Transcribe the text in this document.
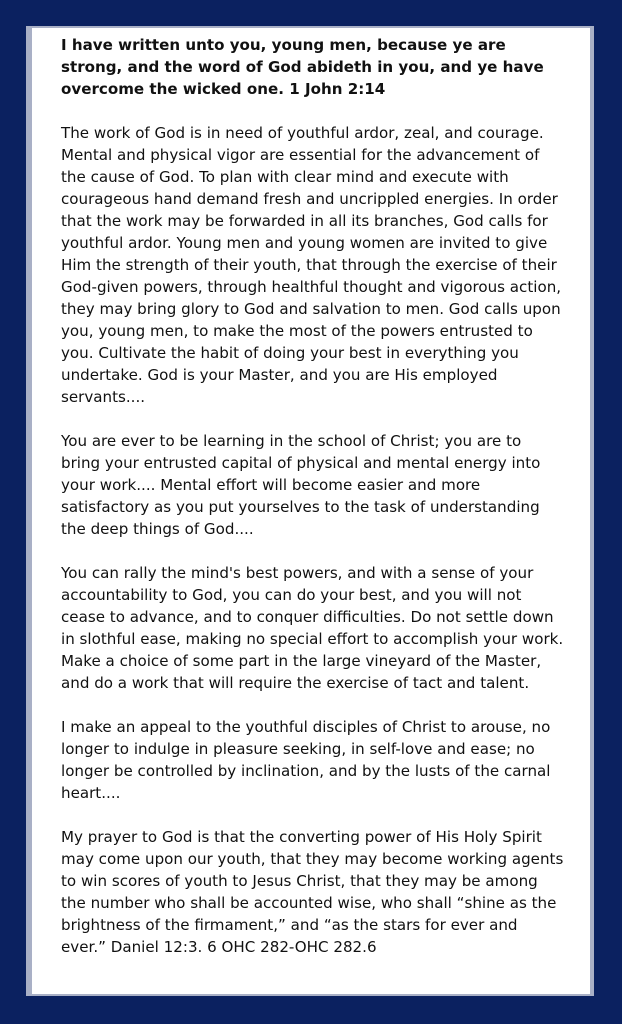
I have written unto you, young men, because ye are strong, and the word of God abideth in you, and ye have overcome the wicked one. 1 John 2:14

The work of God is in need of youthful ardor, zeal, and courage. Mental and physical vigor are essential for the advancement of the cause of God. To plan with clear mind and execute with courageous hand demand fresh and uncrippled energies. In order that the work may be forwarded in all its branches, God calls for youthful ardor. Young men and young women are invited to give Him the strength of their youth, that through the exercise of their God-given powers, through healthful thought and vigorous action, they may bring glory to God and salvation to men. God calls upon you, young men, to make the most of the powers entrusted to you. Cultivate the habit of doing your best in everything you undertake. God is your Master, and you are His employed servants....

You are ever to be learning in the school of Christ; you are to bring your entrusted capital of physical and mental energy into your work.... Mental effort will become easier and more satisfactory as you put yourselves to the task of understanding the deep things of God....

You can rally the mind's best powers, and with a sense of your accountability to God, you can do your best, and you will not cease to advance, and to conquer difficulties. Do not settle down in slothful ease, making no special effort to accomplish your work. Make a choice of some part in the large vineyard of the Master, and do a work that will require the exercise of tact and talent.

I make an appeal to the youthful disciples of Christ to arouse, no longer to indulge in pleasure seeking, in self-love and ease; no longer be controlled by inclination, and by the lusts of the carnal heart....

My prayer to God is that the converting power of His Holy Spirit may come upon our youth, that they may become working agents to win scores of youth to Jesus Christ, that they may be among the number who shall be accounted wise, who shall “shine as the brightness of the firmament,” and “as the stars for ever and ever.” Daniel 12:3. 6 OHC 282-OHC 282.6
